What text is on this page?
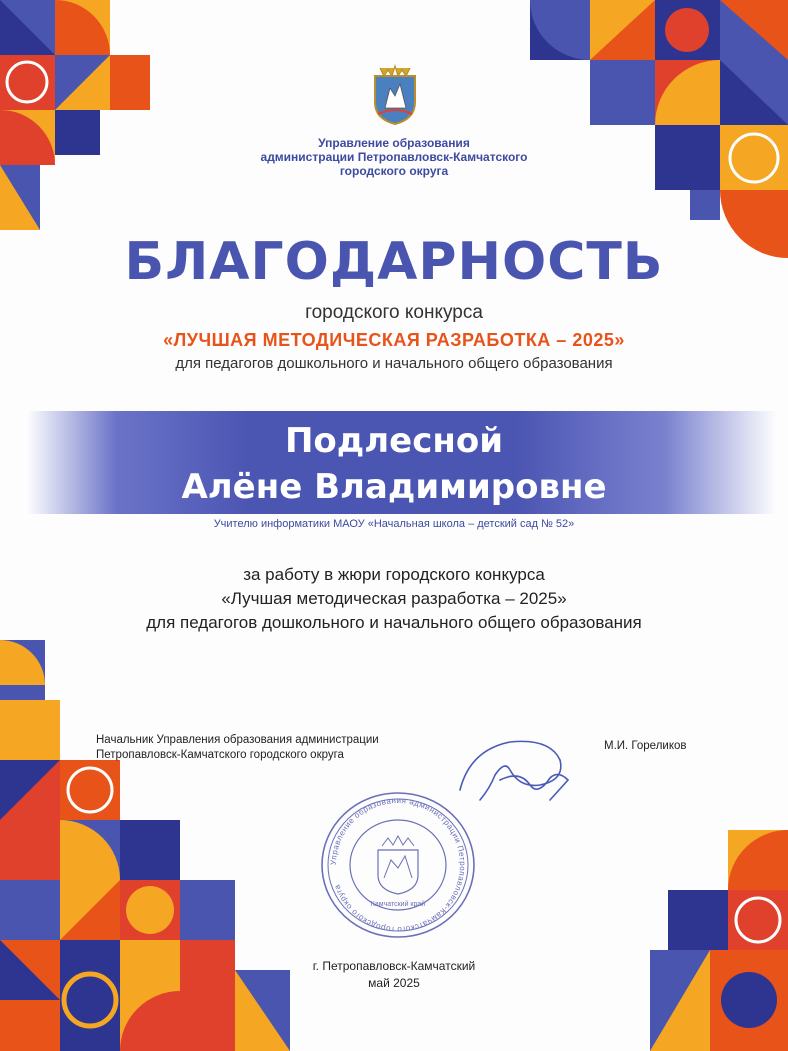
Управление образования
администрации Петропавловск-Камчатского
городского округа
БЛАГОДАРНОСТЬ
городского конкурса
«ЛУЧШАЯ МЕТОДИЧЕСКАЯ РАЗРАБОТКА – 2025»
для педагогов дошкольного и начального общего образования
Подлесной
Алёне Владимировне
Учителю информатики МАОУ «Начальная школа – детский сад № 52»
за работу в жюри городского конкурса
«Лучшая методическая разработка – 2025»
для педагогов дошкольного и начального общего образования
Начальник Управления образования администрации
Петропавловск-Камчатского городского округа
М.И. Гореликов
Управление образования администрации Петропавловск-Камчатского городского округа
Камчатский край
г. Петропавловск-Камчатский
май 2025
